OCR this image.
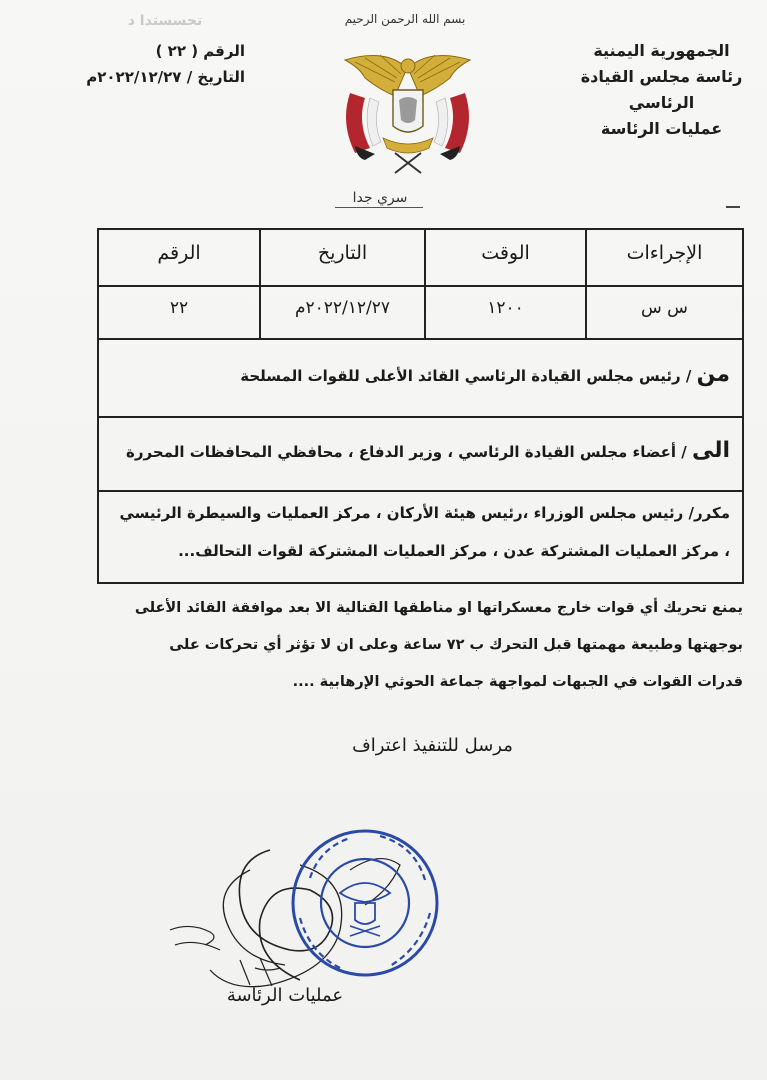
الجمهورية اليمنية
رئاسة مجلس القيادة
الرئاسي
عمليات الرئاسة
تحسستدا د
الرقم ( ٢٢ )
التاريخ / ٢٠٢٢/١٢/٢٧م
بسم الله الرحمن الرحيم
سري جدا
الإجراءات
الوقت
التاريخ
الرقم
س س
١٢٠٠
٢٠٢٢/١٢/٢٧م
٢٢
من / رئيس مجلس القيادة الرئاسي القائد الأعلى للقوات المسلحة
الى / أعضاء مجلس القيادة الرئاسي ، وزير الدفاع ، محافظي المحافظات المحررة
مكرر/ رئيس مجلس الوزراء ،رئيس هيئة الأركان ، مركز العمليات والسيطرة الرئيسي
، مركز العمليات المشتركة عدن ، مركز العمليات المشتركة لقوات التحالف...
يمنع تحريك أي قوات خارج معسكراتها او مناطقها القتالية الا بعد موافقة القائد الأعلى
بوجهتها وطبيعة مهمتها قبل التحرك ب ٧٢ ساعة وعلى ان لا تؤثر أي تحركات على
قدرات القوات في الجبهات لمواجهة جماعة الحوثي الإرهابية ....
مرسل للتنفيذ اعتراف
عمليات الرئاسة
